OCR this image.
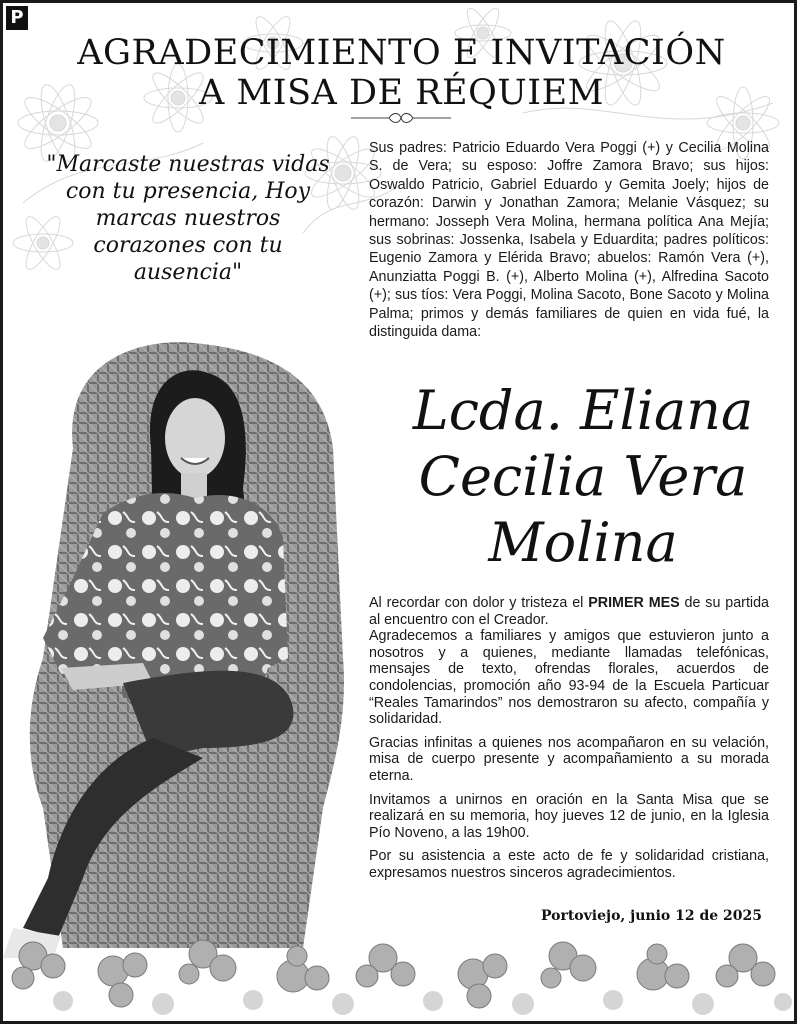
P
AGRADECIMIENTO E INVITACIÓN
A MISA DE RÉQUIEM
"Marcaste nuestras vidas con tu presencia, Hoy marcas nuestros corazones con tu ausencia"
Sus padres: Patricio Eduardo Vera Poggi (+) y Cecilia Molina S. de Vera; su esposo: Joffre Zamora Bravo; sus hijos: Oswaldo Patricio, Gabriel Eduardo y Gemita Joely; hijos de corazón: Darwin y Jonathan Zamora; Melanie Vásquez; su hermano: Josseph Vera Molina, hermana política Ana Mejía; sus sobrinas: Jossenka, Isabela y Eduardita; padres políticos: Eugenio Zamora y Elérida Bravo; abuelos: Ramón Vera (+), Anunziatta Poggi B. (+), Alberto Molina (+), Alfredina Sacoto (+); sus tíos: Vera Poggi, Molina Sacoto, Bone Sacoto y Molina Palma; primos y demás familiares de quien en vida fué, la distinguida dama:
Lcda. Eliana
Cecilia Vera
Molina

Al recordar con dolor y tristeza el PRIMER MES de su partida al encuentro con el Creador.

Agradecemos a familiares y amigos que estuvieron junto a nosotros y a quienes, mediante llamadas telefónicas, mensajes de texto, ofrendas florales, acuerdos de condolencias, promoción año 93-94 de la Escuela Particuar “Reales Tamarindos” nos demostraron su afecto, compañía y solidaridad.

Gracias infinitas a quienes nos acompañaron en su velación, misa de cuerpo presente y acompañamiento a su morada eterna.

Invitamos a unirnos en oración en la Santa Misa que se realizará en su memoria, hoy jueves 12 de junio, en la Iglesia Pío Noveno, a las 19h00.

Por su asistencia a este acto de fe y solidaridad cristiana, expresamos nuestros sinceros agradecimientos.

Portoviejo, junio 12 de 2025
